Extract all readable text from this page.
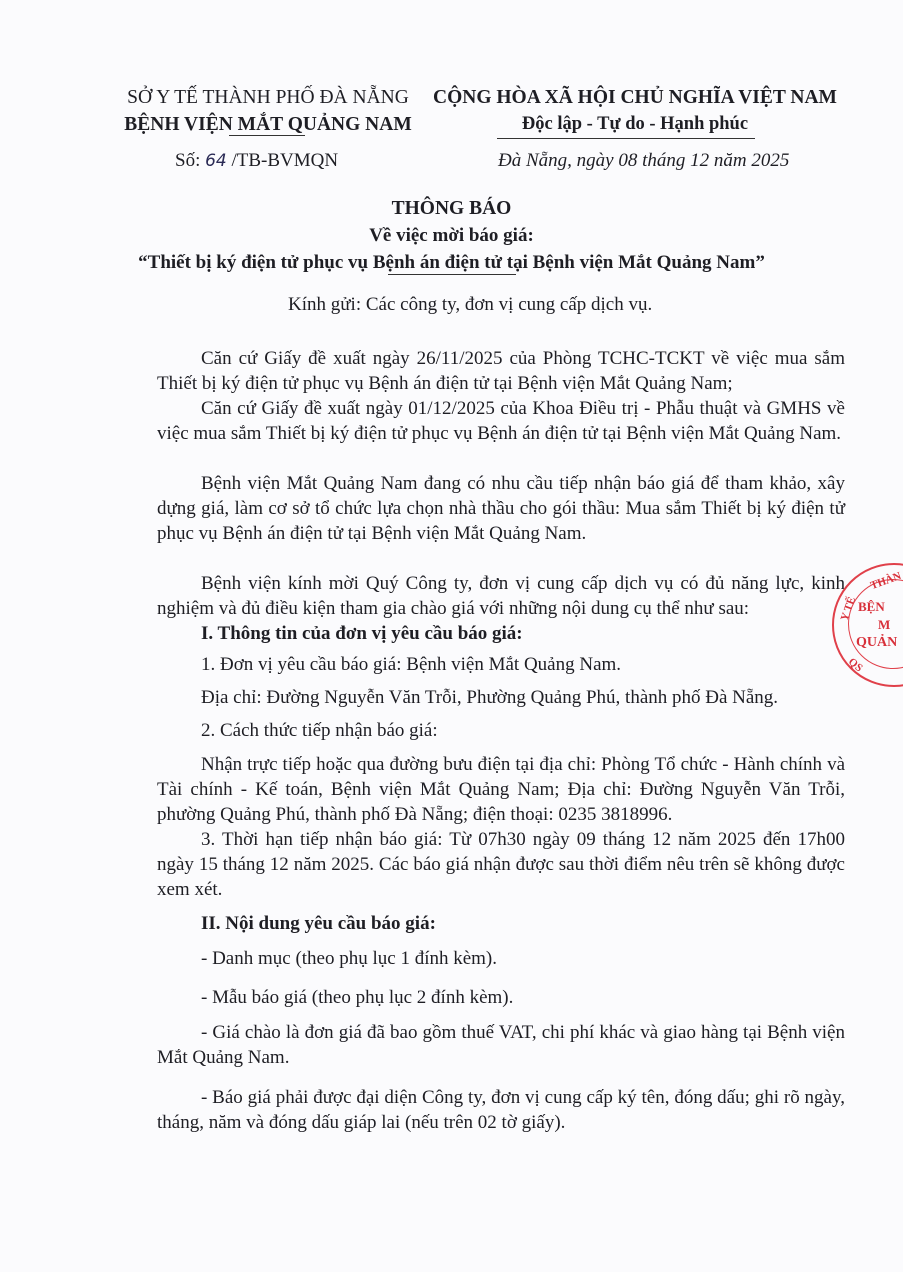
SỞ Y TẾ THÀNH PHỐ ĐÀ NẴNG
BỆNH VIỆN MẮT QUẢNG NAM
CỘNG HÒA XÃ HỘI CHỦ NGHĨA VIỆT NAM
Độc lập - Tự do - Hạnh phúc
Số: 64 /TB-BVMQN	Đà Nẵng, ngày 08 tháng 12 năm 2025
THÔNG BÁO
Về việc mời báo giá:
“Thiết bị ký điện tử phục vụ Bệnh án điện tử tại Bệnh viện Mắt Quảng Nam”
Kính gửi: Các công ty, đơn vị cung cấp dịch vụ.
Căn cứ Giấy đề xuất ngày 26/11/2025 của Phòng TCHC-TCKT về việc mua sắm Thiết bị ký điện tử phục vụ Bệnh án điện tử tại Bệnh viện Mắt Quảng Nam;
Căn cứ Giấy đề xuất ngày 01/12/2025 của Khoa Điều trị - Phẫu thuật và GMHS về việc mua sắm Thiết bị ký điện tử phục vụ Bệnh án điện tử tại Bệnh viện Mắt Quảng Nam.
Bệnh viện Mắt Quảng Nam đang có nhu cầu tiếp nhận báo giá để tham khảo, xây dựng giá, làm cơ sở tổ chức lựa chọn nhà thầu cho gói thầu: Mua sắm Thiết bị ký điện tử phục vụ Bệnh án điện tử tại Bệnh viện Mắt Quảng Nam.
Bệnh viện kính mời Quý Công ty, đơn vị cung cấp dịch vụ có đủ năng lực, kinh nghiệm và đủ điều kiện tham gia chào giá với những nội dung cụ thể như sau:
I. Thông tin của đơn vị yêu cầu báo giá:
1. Đơn vị yêu cầu báo giá: Bệnh viện Mắt Quảng Nam.
Địa chỉ: Đường Nguyễn Văn Trỗi, Phường Quảng Phú, thành phố Đà Nẵng.
2. Cách thức tiếp nhận báo giá:
Nhận trực tiếp hoặc qua đường bưu điện tại địa chỉ: Phòng Tổ chức - Hành chính và Tài chính - Kế toán, Bệnh viện Mắt Quảng Nam; Địa chỉ: Đường Nguyễn Văn Trỗi, phường Quảng Phú, thành phố Đà Nẵng; điện thoại: 0235 3818996.
3. Thời hạn tiếp nhận báo giá: Từ 07h30 ngày 09 tháng 12 năm 2025 đến 17h00 ngày 15 tháng 12 năm 2025. Các báo giá nhận được sau thời điểm nêu trên sẽ không được xem xét.
II. Nội dung yêu cầu báo giá:
- Danh mục (theo phụ lục 1 đính kèm).
- Mẫu báo giá (theo phụ lục 2 đính kèm).
- Giá chào là đơn giá đã bao gồm thuế VAT, chi phí khác và giao hàng tại Bệnh viện Mắt Quảng Nam.
- Báo giá phải được đại diện Công ty, đơn vị cung cấp ký tên, đóng dấu; ghi rõ ngày, tháng, năm và đóng dấu giáp lai (nếu trên 02 tờ giấy).
THÀN
Y TẾ BỆN
M
QUẢN
QS
